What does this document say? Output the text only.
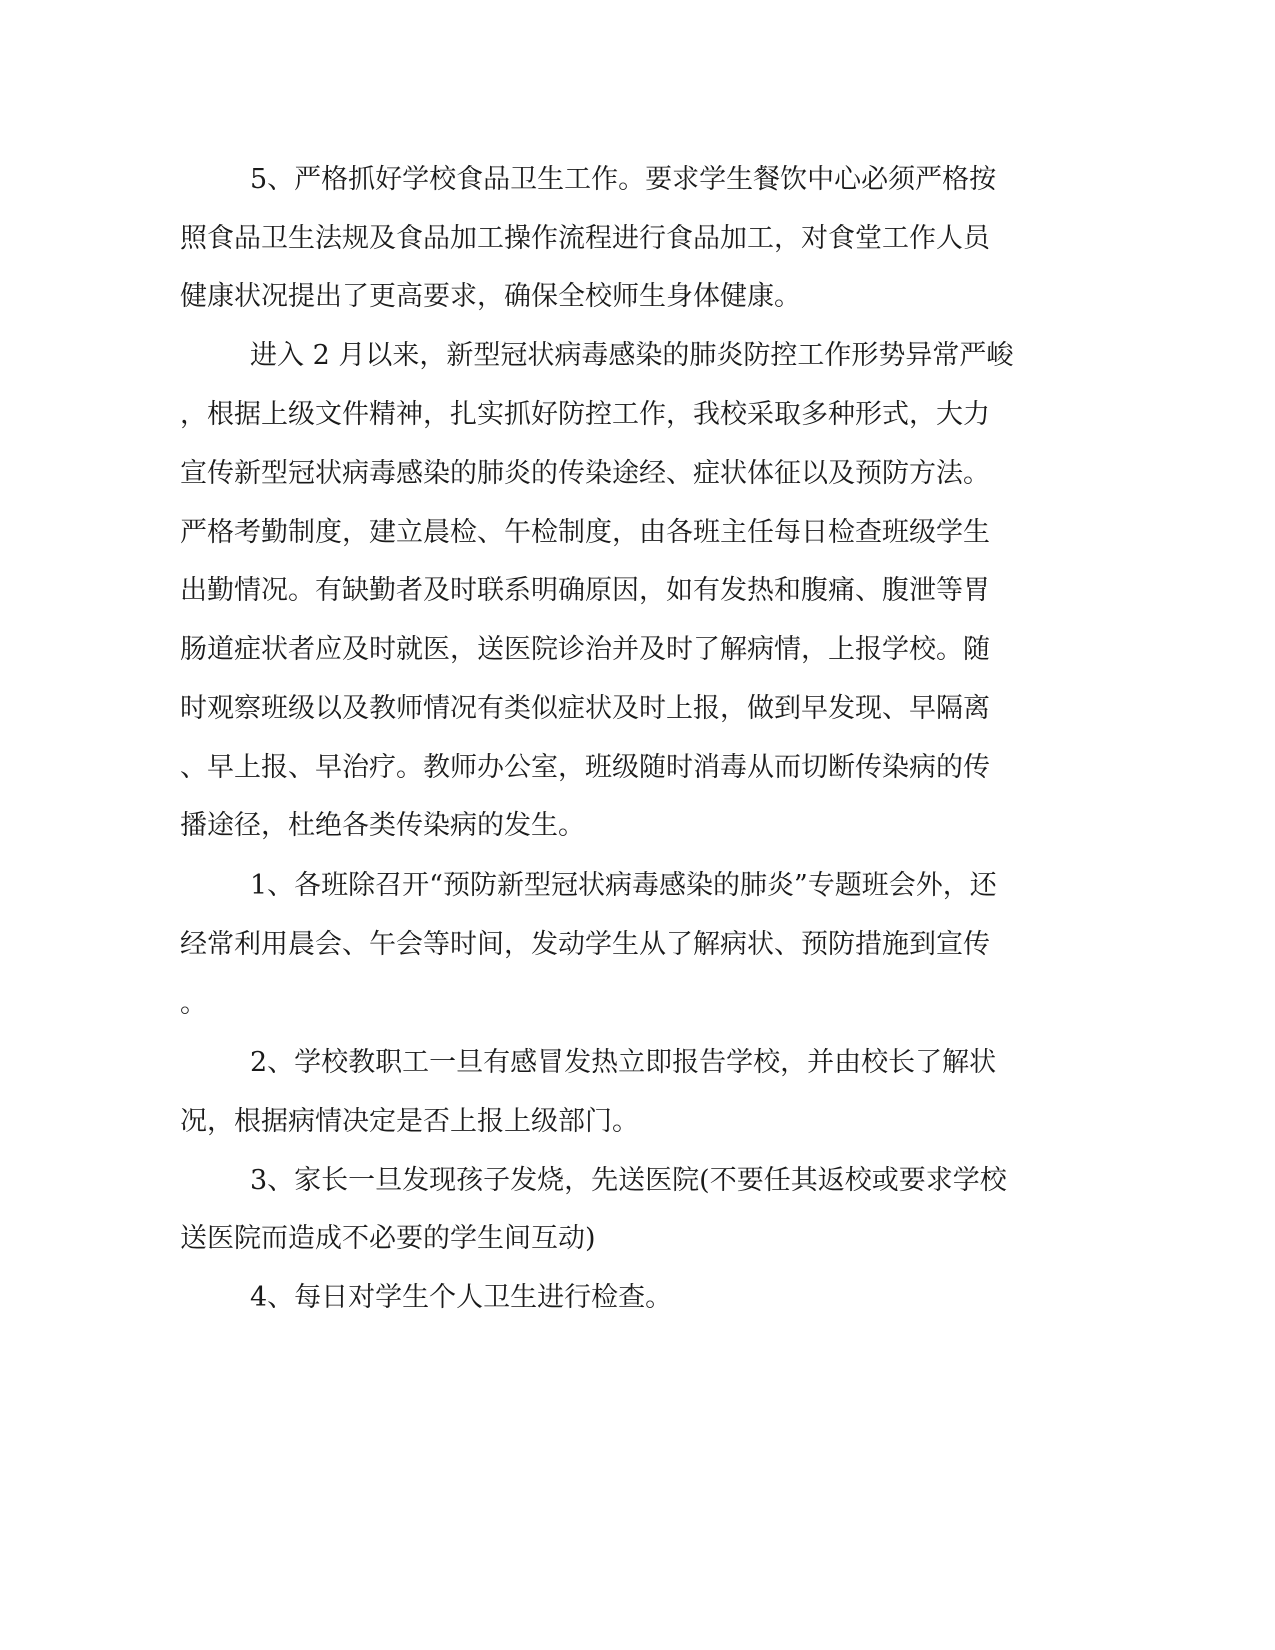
5、严格抓好学校食品卫生工作。要求学生餐饮中心必须严格按
照食品卫生法规及食品加工操作流程进行食品加工，对食堂工作人员
健康状况提出了更高要求，确保全校师生身体健康。
进入 2 月以来，新型冠状病毒感染的肺炎防控工作形势异常严峻
，根据上级文件精神，扎实抓好防控工作，我校采取多种形式，大力
宣传新型冠状病毒感染的肺炎的传染途经、症状体征以及预防方法。
严格考勤制度，建立晨检、午检制度，由各班主任每日检查班级学生
出勤情况。有缺勤者及时联系明确原因，如有发热和腹痛、腹泄等胃
肠道症状者应及时就医，送医院诊治并及时了解病情，上报学校。随
时观察班级以及教师情况有类似症状及时上报，做到早发现、早隔离
、早上报、早治疗。教师办公室，班级随时消毒从而切断传染病的传
播途径，杜绝各类传染病的发生。
1、各班除召开“预防新型冠状病毒感染的肺炎”专题班会外，还
经常利用晨会、午会等时间，发动学生从了解病状、预防措施到宣传
。
2、学校教职工一旦有感冒发热立即报告学校，并由校长了解状
况，根据病情决定是否上报上级部门。
3、家长一旦发现孩子发烧，先送医院(不要任其返校或要求学校
送医院而造成不必要的学生间互动)
4、每日对学生个人卫生进行检查。
